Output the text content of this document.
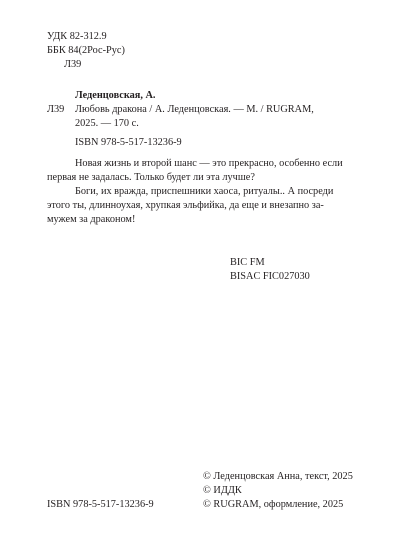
УДК 82-312.9
ББК 84(2Рос-Рус)
Л39
Леденцовская, А.
Л39 Любовь дракона / А. Леденцовская. — М. / RUGRAM,
2025. — 170 с.
ISBN 978-5-517-13236-9

Новая жизнь и второй шанс — это прекрасно, особенно если
первая не задалась. Только будет ли эта лучше?

Боги, их вражда, приспешники хаоса, ритуалы.. А посреди
этого ты, длинноухая, хрупкая эльфийка, да еще и внезапно за-
мужем за драконом!

BIC FM
BISAC FIC027030
© Леденцовская Анна, текст, 2025
© ИДДК
© RUGRAM, оформление, 2025
ISBN 978-5-517-13236-9
